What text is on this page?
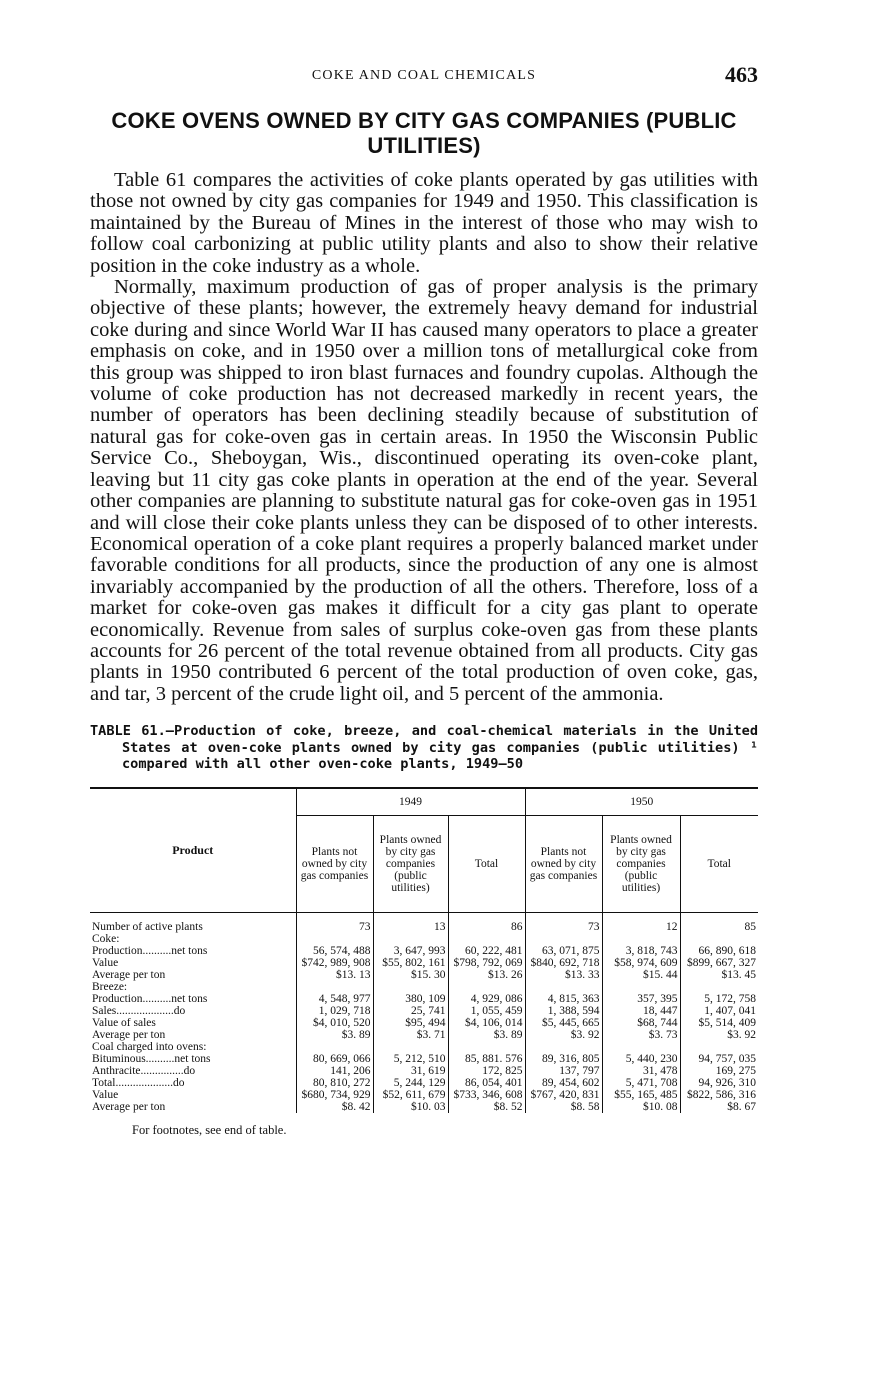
COKE AND COAL CHEMICALS	463
COKE OVENS OWNED BY CITY GAS COMPANIES (PUBLIC UTILITIES)

Table 61 compares the activities of coke plants operated by gas utilities with those not owned by city gas companies for 1949 and 1950. This classification is maintained by the Bureau of Mines in the interest of those who may wish to follow coal carbonizing at public utility plants and also to show their relative position in the coke industry as a whole.

Normally, maximum production of gas of proper analysis is the primary objective of these plants; however, the extremely heavy demand for industrial coke during and since World War II has caused many operators to place a greater emphasis on coke, and in 1950 over a million tons of metallurgical coke from this group was shipped to iron blast furnaces and foundry cupolas. Although the volume of coke production has not decreased markedly in recent years, the number of operators has been declining steadily because of substitution of natural gas for coke-oven gas in certain areas. In 1950 the Wisconsin Public Service Co., Sheboygan, Wis., discontinued operating its oven-coke plant, leaving but 11 city gas coke plants in operation at the end of the year. Several other companies are planning to substitute natural gas for coke-oven gas in 1951 and will close their coke plants unless they can be disposed of to other interests. Economical operation of a coke plant requires a properly balanced market under favorable conditions for all products, since the production of any one is almost invariably accompanied by the production of all the others. Therefore, loss of a market for coke-oven gas makes it difficult for a city gas plant to operate economically. Revenue from sales of surplus coke-oven gas from these plants accounts for 26 percent of the total revenue obtained from all products. City gas plants in 1950 contributed 6 percent of the total production of oven coke, gas, and tar, 3 percent of the crude light oil, and 5 percent of the ammonia.

TABLE 61.—Production of coke, breeze, and coal-chemical materials in the United States at oven-coke plants owned by city gas companies (public utilities) ¹ compared with all other oven-coke plants, 1949–50
Product	1949			1950		
	Plants not owned by city gas companies	Plants owned by city gas companies (public utilities)	Total	Plants not owned by city gas companies	Plants owned by city gas companies (public utilities)	Total

Number of active plants	73	13	86	73	12	85
Coke:						
Production..........net tons	56, 574, 488	3, 647, 993	60, 222, 481	63, 071, 875	3, 818, 743	66, 890, 618
Value	$742, 989, 908	$55, 802, 161	$798, 792, 069	$840, 692, 718	$58, 974, 609	$899, 667, 327
Average per ton	$13. 13	$15. 30	$13. 26	$13. 33	$15. 44	$13. 45
Breeze:						
Production..........net tons	4, 548, 977	380, 109	4, 929, 086	4, 815, 363	357, 395	5, 172, 758
Sales....................do	1, 029, 718	25, 741	1, 055, 459	1, 388, 594	18, 447	1, 407, 041
Value of sales	$4, 010, 520	$95, 494	$4, 106, 014	$5, 445, 665	$68, 744	$5, 514, 409
Average per ton	$3. 89	$3. 71	$3. 89	$3. 92	$3. 73	$3. 92
Coal charged into ovens:						
Bituminous..........net tons	80, 669, 066	5, 212, 510	85, 881. 576	89, 316, 805	5, 440, 230	94, 757, 035
Anthracite...............do	141, 206	31, 619	172, 825	137, 797	31, 478	169, 275
Total....................do	80, 810, 272	5, 244, 129	86, 054, 401	89, 454, 602	5, 471, 708	94, 926, 310
Value	$680, 734, 929	$52, 611, 679	$733, 346, 608	$767, 420, 831	$55, 165, 485	$822, 586, 316
Average per ton	$8. 42	$10. 03	$8. 52	$8. 58	$10. 08	$8. 67
For footnotes, see end of table.
